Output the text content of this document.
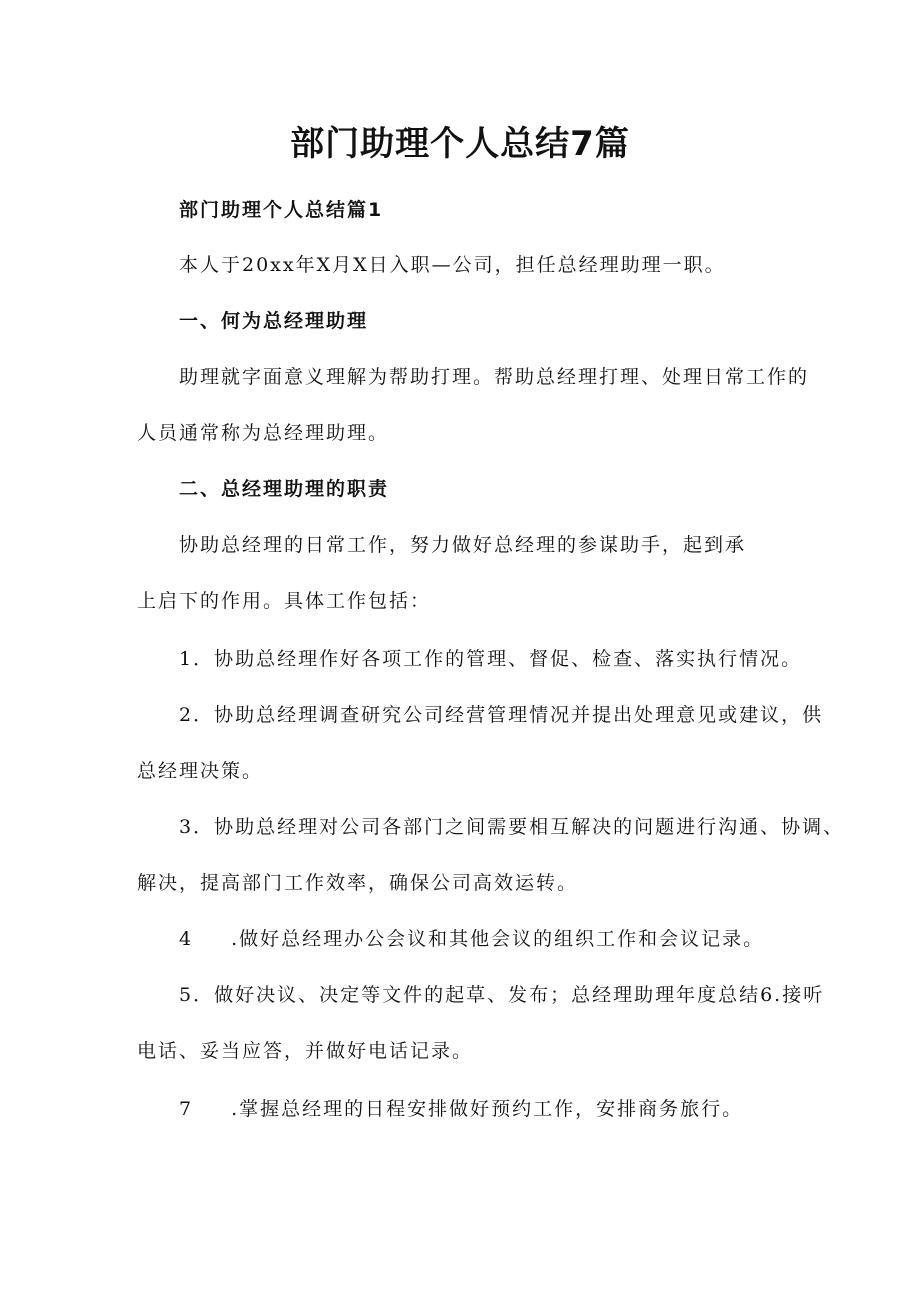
部门助理个人总结7篇

部门助理个人总结篇1

本人于20xx年X月X日入职—公司，担任总经理助理一职。

一、何为总经理助理

助理就字面意义理解为帮助打理。帮助总经理打理、处理日常工作的

人员通常称为总经理助理。

二、总经理助理的职责

协助总经理的日常工作，努力做好总经理的参谋助手，起到承

上启下的作用。具体工作包括：

1．协助总经理作好各项工作的管理、督促、检查、落实执行情况。

2．协助总经理调查研究公司经营管理情况并提出处理意见或建议，供

总经理决策。

3．协助总经理对公司各部门之间需要相互解决的问题进行沟通、协调、

解决，提高部门工作效率，确保公司高效运转。

4 .做好总经理办公会议和其他会议的组织工作和会议记录。

5．做好决议、决定等文件的起草、发布；总经理助理年度总结6.接听

电话、妥当应答，并做好电话记录。

7 .掌握总经理的日程安排做好预约工作，安排商务旅行。
